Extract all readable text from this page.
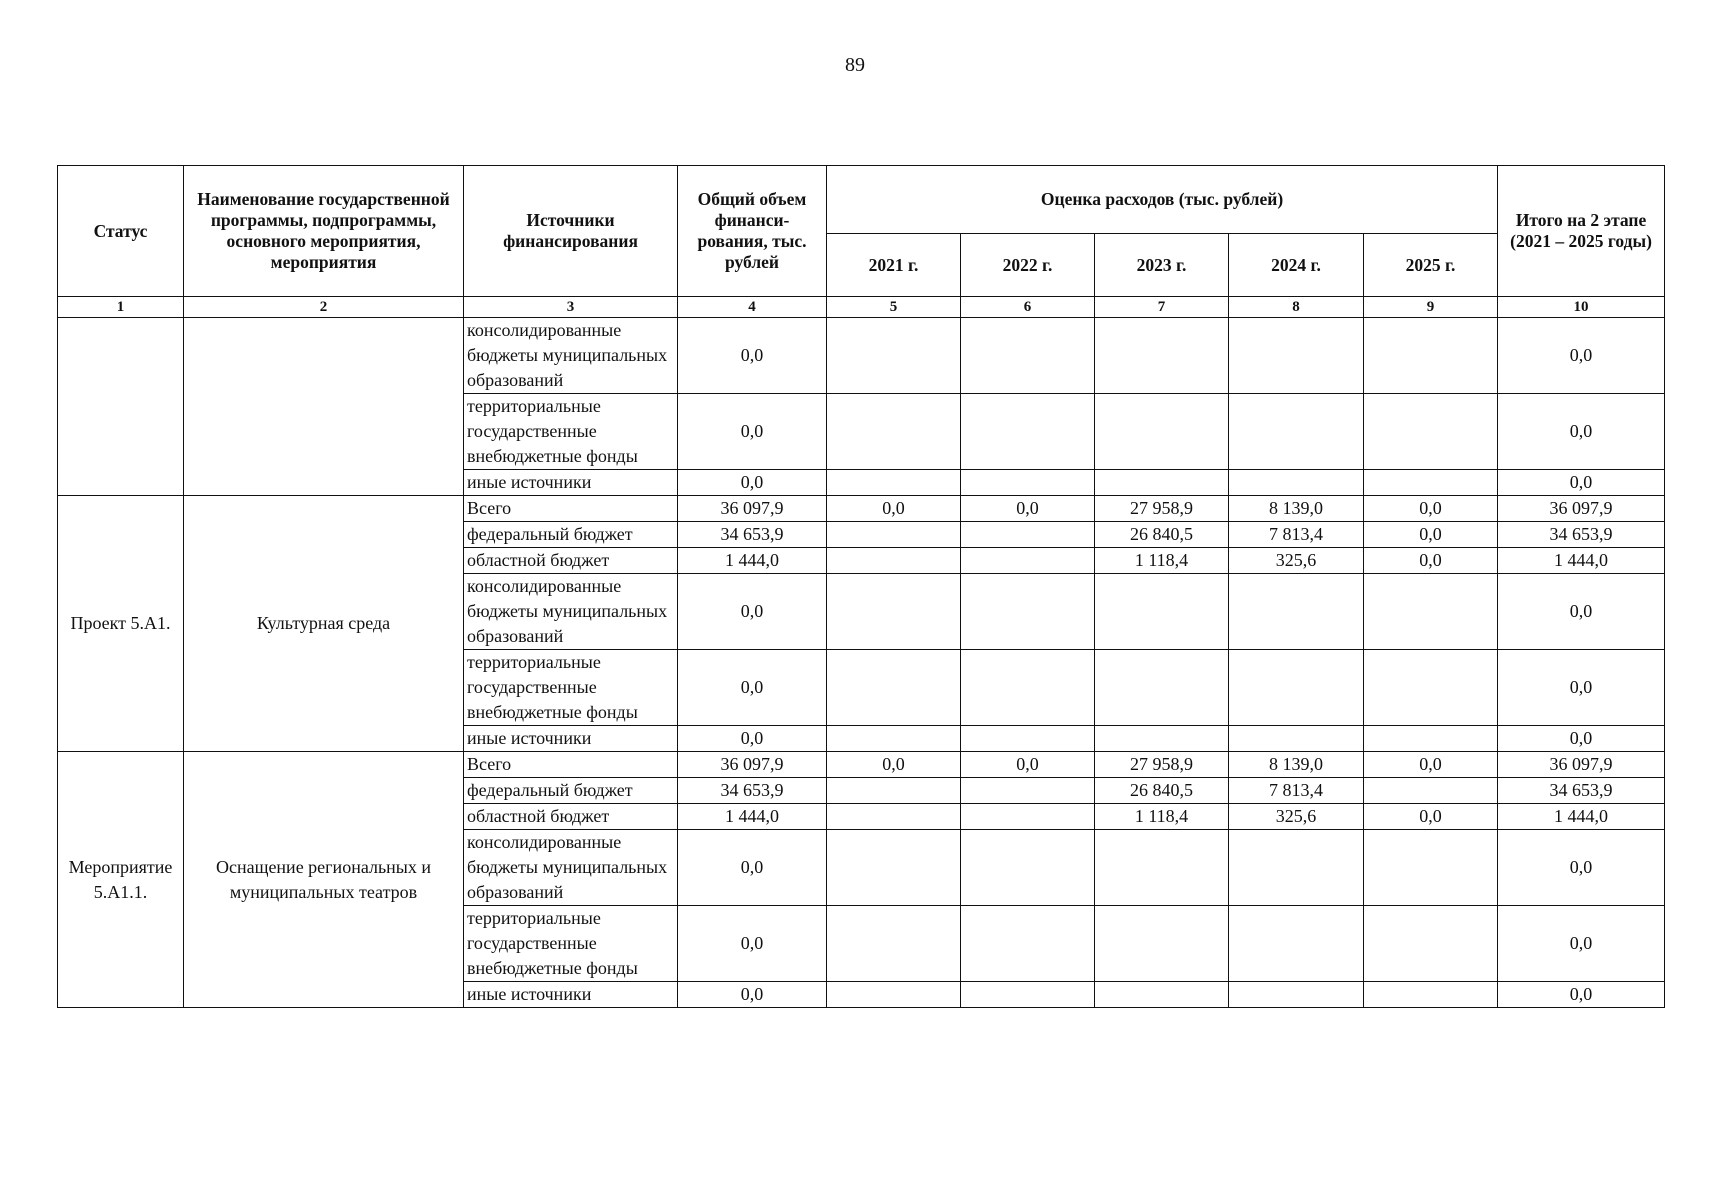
89
Статус	Наименование государственной программы, подпрограммы, основного мероприятия, мероприятия	Источники финансирования	Общий объем финанси-рования, тыс. рублей	Оценка расходов (тыс. рублей)					Итого на 2 этапе (2021 – 2025 годы)
				2021 г.	2022 г.	2023 г.	2024 г.	2025 г.	
1	2	3	4	5	6	7	8	9	10
		консолидированные бюджеты муниципальных образований	0,0						0,0
		территориальные государственные внебюджетные фонды	0,0						0,0
		иные источники	0,0						0,0
Проект 5.А1.	Культурная среда	Всего	36 097,9	0,0	0,0	27 958,9	8 139,0	0,0	36 097,9
		федеральный бюджет	34 653,9			26 840,5	7 813,4	0,0	34 653,9
		областной бюджет	1 444,0			1 118,4	325,6	0,0	1 444,0
		консолидированные бюджеты муниципальных образований	0,0						0,0
		территориальные государственные внебюджетные фонды	0,0						0,0
		иные источники	0,0						0,0
Мероприятие 5.А1.1.	Оснащение региональных и муниципальных театров	Всего	36 097,9	0,0	0,0	27 958,9	8 139,0	0,0	36 097,9
		федеральный бюджет	34 653,9			26 840,5	7 813,4		34 653,9
		областной бюджет	1 444,0			1 118,4	325,6	0,0	1 444,0
		консолидированные бюджеты муниципальных образований	0,0						0,0
		территориальные государственные внебюджетные фонды	0,0						0,0
		иные источники	0,0						0,0
